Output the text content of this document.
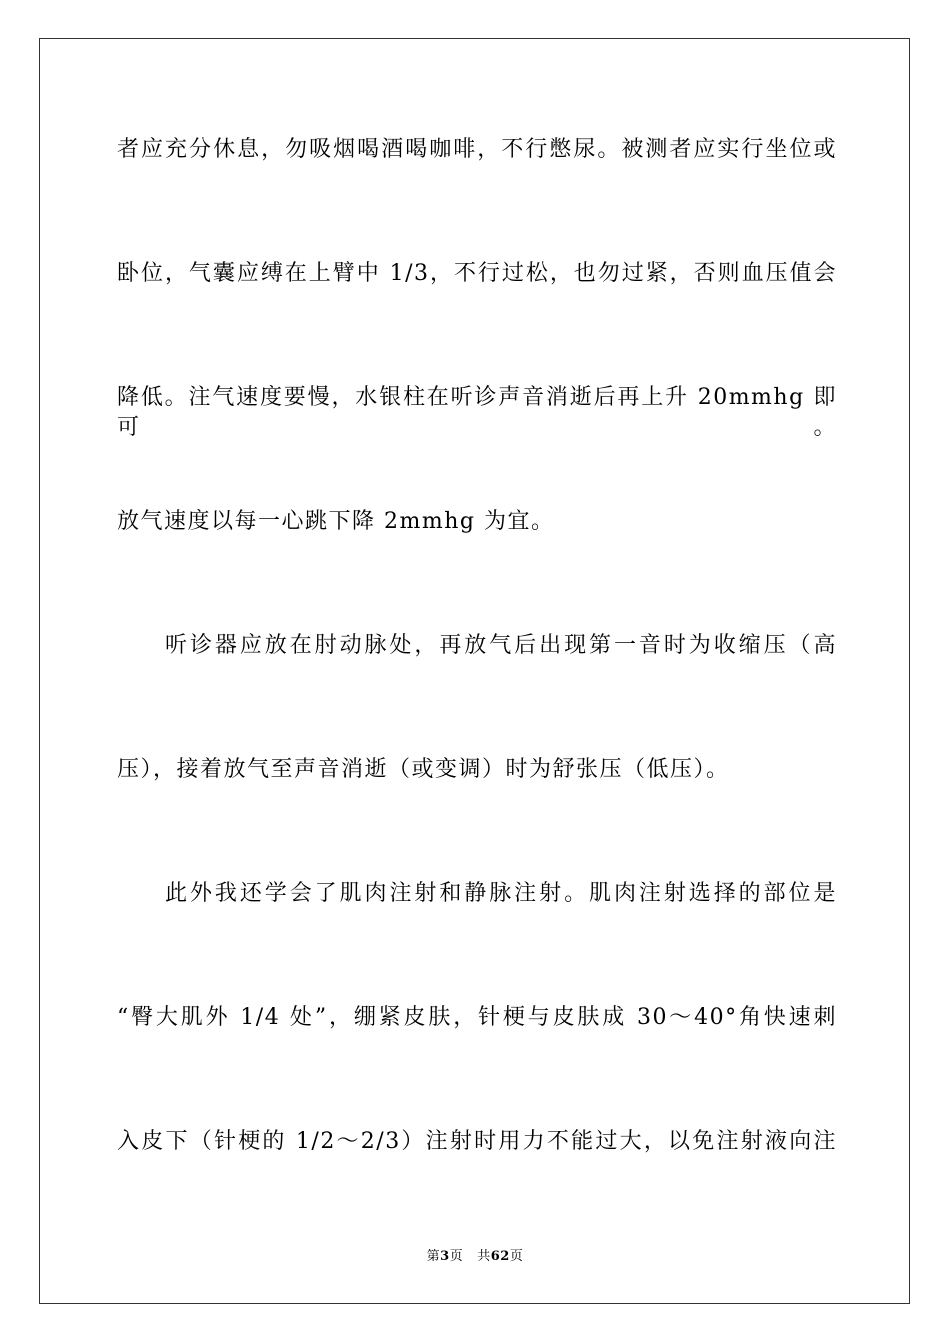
者应充分休息，勿吸烟喝酒喝咖啡，不行憋尿。被测者应实行坐位或
卧位，气囊应缚在上臂中 1/3，不行过松，也勿过紧，否则血压值会
降低。注气速度要慢，水银柱在听诊声音消逝后再上升 20mmhg 即可。
放气速度以每一心跳下降 2mmhg 为宜。
听诊器应放在肘动脉处，再放气后出现第一音时为收缩压（高
压），接着放气至声音消逝（或变调）时为舒张压（低压）。
此外我还学会了肌肉注射和静脉注射。肌肉注射选择的部位是
“臀大肌外 1/4 处”，绷紧皮肤，针梗与皮肤成 30～40°角快速刺
入皮下（针梗的 1/2～2/3）注射时用力不能过大，以免注射液向注
第3页 共62页
